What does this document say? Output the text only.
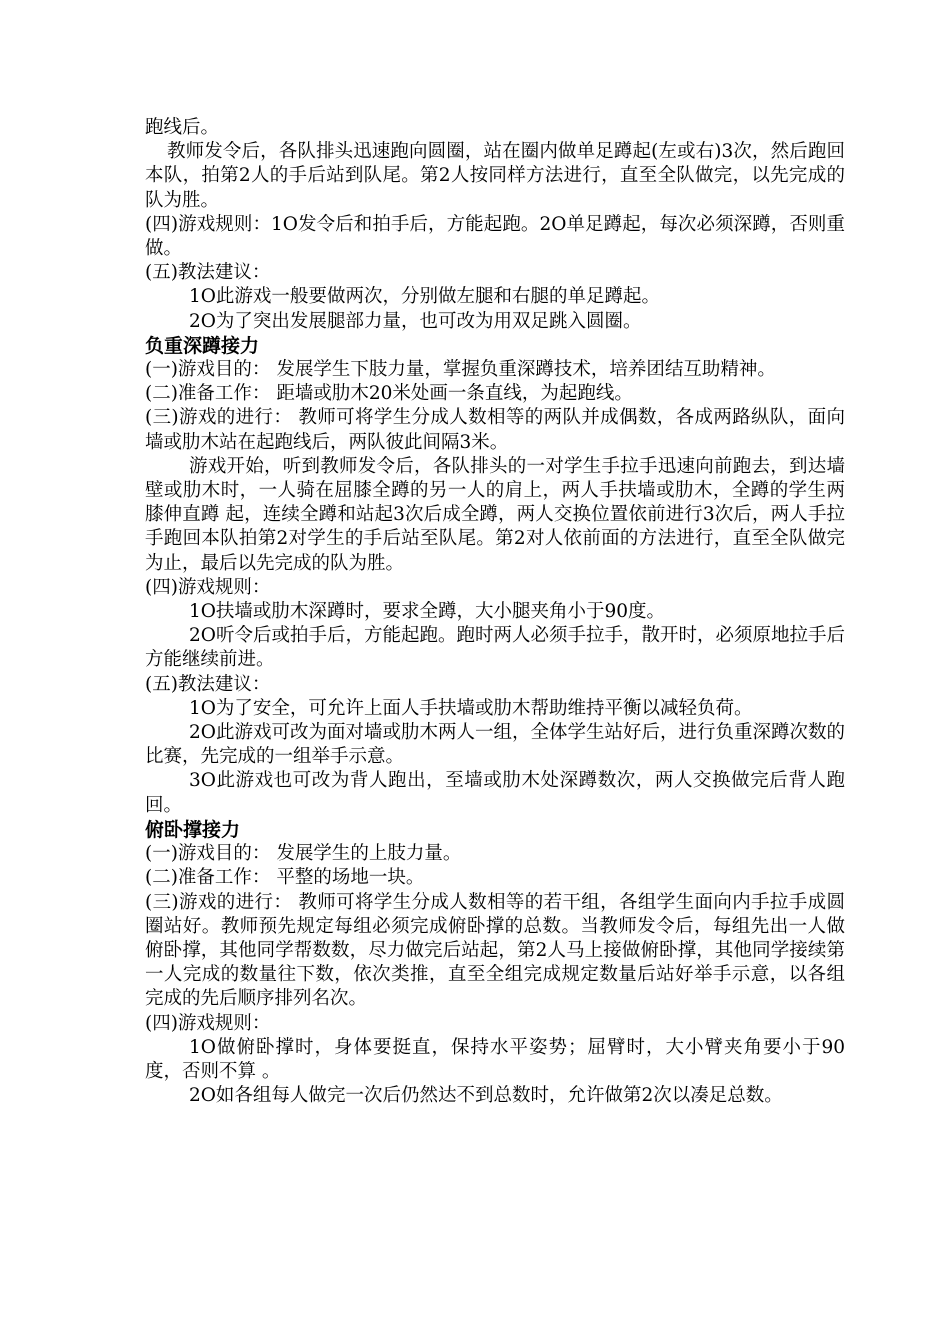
跑线后。

教师发令后，各队排头迅速跑向圆圈，站在圈内做单足蹲起(左或右)3次，然后跑回本队，拍第2人的手后站到队尾。第2人按同样方法进行，直至全队做完，以先完成的队为胜。

(四)游戏规则：1O发令后和拍手后，方能起跑。2O单足蹲起，每次必须深蹲，否则重做。

(五)教法建议：

1O此游戏一般要做两次，分别做左腿和右腿的单足蹲起。

2O为了突出发展腿部力量，也可改为用双足跳入圆圈。

负重深蹲接力

(一)游戏目的： 发展学生下肢力量，掌握负重深蹲技术，培养团结互助精神。

(二)准备工作： 距墙或肋木20米处画一条直线，为起跑线。

(三)游戏的进行： 教师可将学生分成人数相等的两队并成偶数，各成两路纵队，面向墙或肋木站在起跑线后，两队彼此间隔3米。

游戏开始，听到教师发令后，各队排头的一对学生手拉手迅速向前跑去，到达墙壁或肋木时，一人骑在屈膝全蹲的另一人的肩上，两人手扶墙或肋木，全蹲的学生两膝伸直蹲 起，连续全蹲和站起3次后成全蹲，两人交换位置依前进行3次后，两人手拉手跑回本队拍第2对学生的手后站至队尾。第2对人依前面的方法进行，直至全队做完为止，最后以先完成的队为胜。

(四)游戏规则：

1O扶墙或肋木深蹲时，要求全蹲，大小腿夹角小于90度。

2O听令后或拍手后，方能起跑。跑时两人必须手拉手，散开时，必须原地拉手后方能继续前进。

(五)教法建议：

1O为了安全，可允许上面人手扶墙或肋木帮助维持平衡以减轻负荷。

2O此游戏可改为面对墙或肋木两人一组，全体学生站好后，进行负重深蹲次数的比赛，先完成的一组举手示意。

3O此游戏也可改为背人跑出，至墙或肋木处深蹲数次，两人交换做完后背人跑回。

俯卧撑接力

(一)游戏目的： 发展学生的上肢力量。

(二)准备工作： 平整的场地一块。

(三)游戏的进行： 教师可将学生分成人数相等的若干组，各组学生面向内手拉手成圆圈站好。教师预先规定每组必须完成俯卧撑的总数。当教师发令后，每组先出一人做俯卧撑，其他同学帮数数，尽力做完后站起，第2人马上接做俯卧撑，其他同学接续第一人完成的数量往下数，依次类推，直至全组完成规定数量后站好举手示意，以各组完成的先后顺序排列名次。

(四)游戏规则：

1O做俯卧撑时，身体要挺直，保持水平姿势；屈臂时，大小臂夹角要小于90度，否则不算 。

2O如各组每人做完一次后仍然达不到总数时，允许做第2次以凑足总数。
